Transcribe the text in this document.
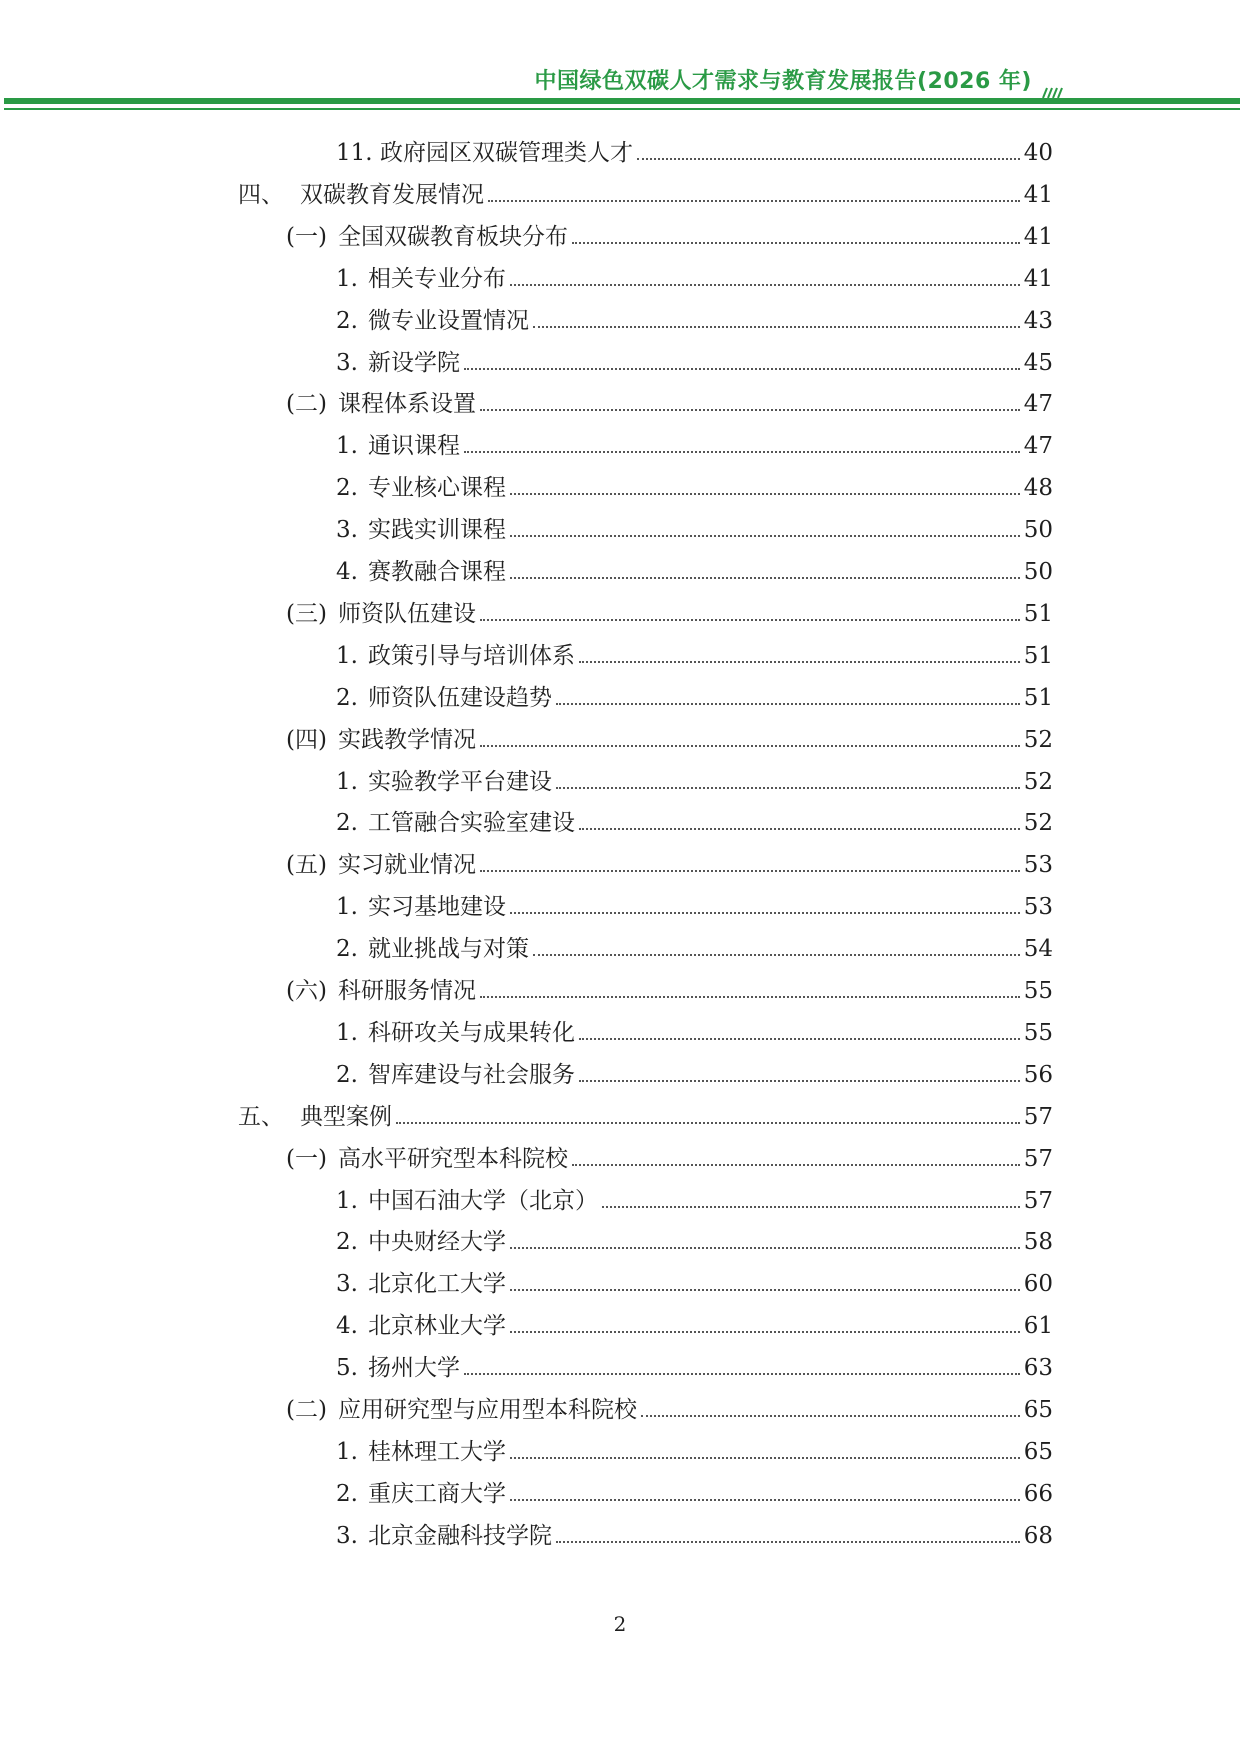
中国绿色双碳人才需求与教育发展报告(2026 年)
11. 政府园区双碳管理类人才	40
四、 双碳教育发展情况	41
(一) 全国双碳教育板块分布	41
1. 相关专业分布	41
2. 微专业设置情况	43
3. 新设学院	45
(二) 课程体系设置	47
1. 通识课程	47
2. 专业核心课程	48
3. 实践实训课程	50
4. 赛教融合课程	50
(三) 师资队伍建设	51
1. 政策引导与培训体系	51
2. 师资队伍建设趋势	51
(四) 实践教学情况	52
1. 实验教学平台建设	52
2. 工管融合实验室建设	52
(五) 实习就业情况	53
1. 实习基地建设	53
2. 就业挑战与对策	54
(六) 科研服务情况	55
1. 科研攻关与成果转化	55
2. 智库建设与社会服务	56
五、 典型案例	57
(一) 高水平研究型本科院校	57
1. 中国石油大学（北京）	57
2. 中央财经大学	58
3. 北京化工大学	60
4. 北京林业大学	61
5. 扬州大学	63
(二) 应用研究型与应用型本科院校	65
1. 桂林理工大学	65
2. 重庆工商大学	66
3. 北京金融科技学院	68
2
